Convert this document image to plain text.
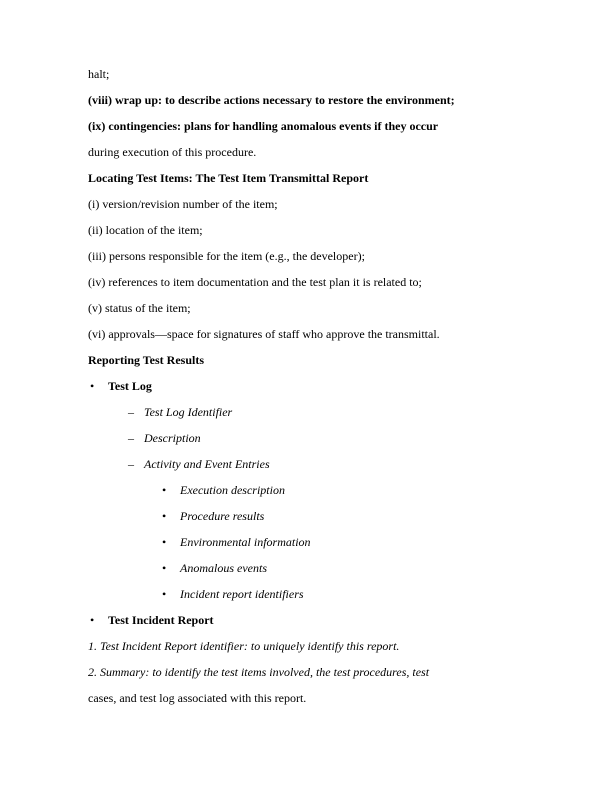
halt;
(viii) wrap up: to describe actions necessary to restore the environment;
(ix) contingencies: plans for handling anomalous events if they occur
during execution of this procedure.
Locating Test Items: The Test Item Transmittal Report
(i) version/revision number of the item;
(ii) location of the item;
(iii) persons responsible for the item (e.g., the developer);
(iv) references to item documentation and the test plan it is related to;
(v) status of the item;
(vi) approvals—space for signatures of staff who approve the transmittal.
Reporting Test Results
• Test Log
– Test Log Identifier
– Description
– Activity and Event Entries
• Execution description
• Procedure results
• Environmental information
• Anomalous events
• Incident report identifiers
• Test Incident Report
1. Test Incident Report identifier: to uniquely identify this report.
2. Summary: to identify the test items involved, the test procedures, test
cases, and test log associated with this report.
